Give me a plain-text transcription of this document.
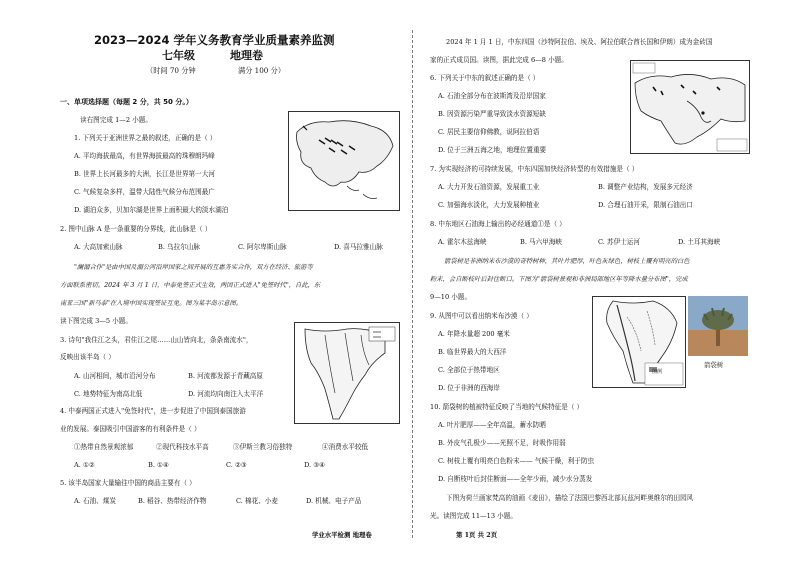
2023—2024 学年义务教育学业质量素养监测
七年级	地理卷
（时间 70 分钟	满分 100 分）
一、单项选择题（每题 2 分，共 50 分。）
读右图完成 1—2 小题。
1. 下列关于亚洲世界之最的叙述，正确的是（ ）
A. 平均海拔最高，有世界海拔最高的珠穆朗玛峰
B. 世界上长河最多的大洲，长江是世界第一大河
C. 气候复杂多样，温带大陆性气候分布范围最广
D. 湖泊众多，贝加尔湖是世界上面积最大的淡水湖泊
2. 图中山脉 A 是一条重要的分界线，此山脉是（ ）
A. 大高加索山脉	B. 乌拉尔山脉	C. 阿尔卑斯山脉	D. 喜马拉雅山脉
"澜湄合作"是由中国及湄公河沿岸国家之间开展的互惠务实合作，双方在经济、旅游等
方面联系密切。2024 年 3 月 1 日，中泰免签正式生效，两国正式进入"免签时代"，自此，东
南亚三国"新马泰"在入境中国实现签证互免。图为某半岛示意图。
读下图完成 3—5 小题。
3. 诗句"我住江之头，君住江之尾……山山皆向北，条条南流水"，
反映出该半岛（ ）
A. 山河相间，城市沿河分布	B. 河流都发源于青藏高原
C. 地势特征为南高北低	D. 河流均向南注入太平洋
4. 中泰两国正式进入"免签时代"，进一步促进了中国到泰国旅游
业的发展。泰国吸引中国游客的有利条件是（ ）
①热带自然景观浓郁	②现代科技水平高	③伊斯兰教习俗独特	④消费水平较低
A. ①②	B. ①④	C. ②③	D. ③④
5. 该半岛国家大量输往中国的商品主要有（ ）
A. 石油、煤炭	B. 稻谷、热带经济作物	C. 棉花、小麦	D. 机械、电子产品
2024 年 1 月 1 日，中东四国（沙特阿拉伯、埃及、阿拉伯联合酋长国和伊朗）成为金砖国
家的正式成员国。读图，据此完成 6—8 小题。
6. 下列关于中东的叙述正确的是（ ）
A. 石油全部分布在波斯湾及沿岸国家
B. 因资源污染严重导致淡水资源短缺
C. 居民主要信仰佛教，说阿拉伯语
D. 位于三洲五海之地，地理位置重要
7. 为实现经济的可持续发展，中东四国加快经济转型的有效措施是（ ）
A. 大力开发石油资源，发展重工业	B. 调整产业结构，发展多元经济
C. 加强海水淡化，大力发展种植业	D. 合理石油开采，限制石油出口
8. 中东地区石油海上输出的必经通道①是（ ）
A. 霍尔木兹海峡	B. 马六甲海峡	C. 苏伊士运河	D. 土耳其海峡
箭袋树是非洲纳米布沙漠的奇特树种，其叶片肥厚，叶色灰绿色，树枝上覆有明亮的白色
粉末，会自断枝叶后封住断口。下图为"箭袋树景观和非洲局部地区年等降水量分布图"，完成
9—10 小题。
9. 从图中可以看出纳米布沙漠（ ）
A. 年降水量超 200 毫米
B. 临世界最大的大西洋
C. 全部位于热带地区
D. 位于非洲的西海岸
10. 箭袋树的植被特征反映了当地的气候特征是（ ）
A. 叶片肥厚——全年高温，蓄水防晒
B. 外皮气孔极少——光照不足，时吸作用弱
C. 树枝上覆有明亮白色粉末—— 气候干燥，利于防虫
D. 自断枝叶后封住断面——全年少雨，减少水分蒸发
下图为荷兰画家梵高的油画《麦田》，描绘了法国巴黎西北部瓦兹河畔奥维尔的田园风
光。读图完成 11—13 小题。
箭袋树
图例
学业水平检测 地理卷	第 1页 共 2页
